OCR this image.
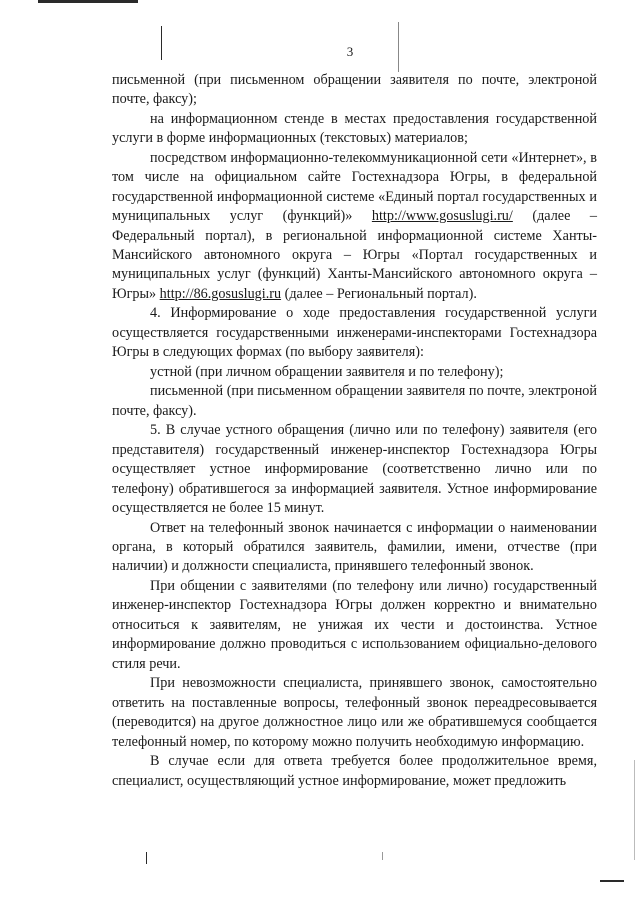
3

письменной (при письменном обращении заявителя по почте, электроной почте, факсу);

на информационном стенде в местах предоставления государственной услуги в форме информационных (текстовых) материалов;

посредством информационно-телекоммуникационной сети «Интернет», в том числе на официальном сайте Гостехнадзора Югры, в федеральной государственной информационной системе «Единый портал государственных и муниципальных услуг (функций)» http://www.gosuslugi.ru/ (далее – Федеральный портал), в региональной информационной системе Ханты-Мансийского автономного округа – Югры «Портал государственных и муниципальных услуг (функций) Ханты-Мансийского автономного округа – Югры» http://86.gosuslugi.ru (далее – Региональный портал).

4. Информирование о ходе предоставления государственной услуги осуществляется государственными инженерами-инспекторами Гостехнадзора Югры в следующих формах (по выбору заявителя):

устной (при личном обращении заявителя и по телефону);

письменной (при письменном обращении заявителя по почте, электроной почте, факсу).

5. В случае устного обращения (лично или по телефону) заявителя (его представителя) государственный инженер-инспектор Гостехнадзора Югры осуществляет устное информирование (соответственно лично или по телефону) обратившегося за информацией заявителя. Устное информирование осуществляется не более 15 минут.

Ответ на телефонный звонок начинается с информации о наименовании органа, в который обратился заявитель, фамилии, имени, отчестве (при наличии) и должности специалиста, принявшего телефонный звонок.

При общении с заявителями (по телефону или лично) государственный инженер-инспектор Гостехнадзора Югры должен корректно и внимательно относиться к заявителям, не унижая их чести и достоинства. Устное информирование должно проводиться с использованием официально-делового стиля речи.

При невозможности специалиста, принявшего звонок, самостоятельно ответить на поставленные вопросы, телефонный звонок переадресовывается (переводится) на другое должностное лицо или же обратившемуся сообщается телефонный номер, по которому можно получить необходимую информацию.

В случае если для ответа требуется более продолжительное время, специалист, осуществляющий устное информирование, может предложить
